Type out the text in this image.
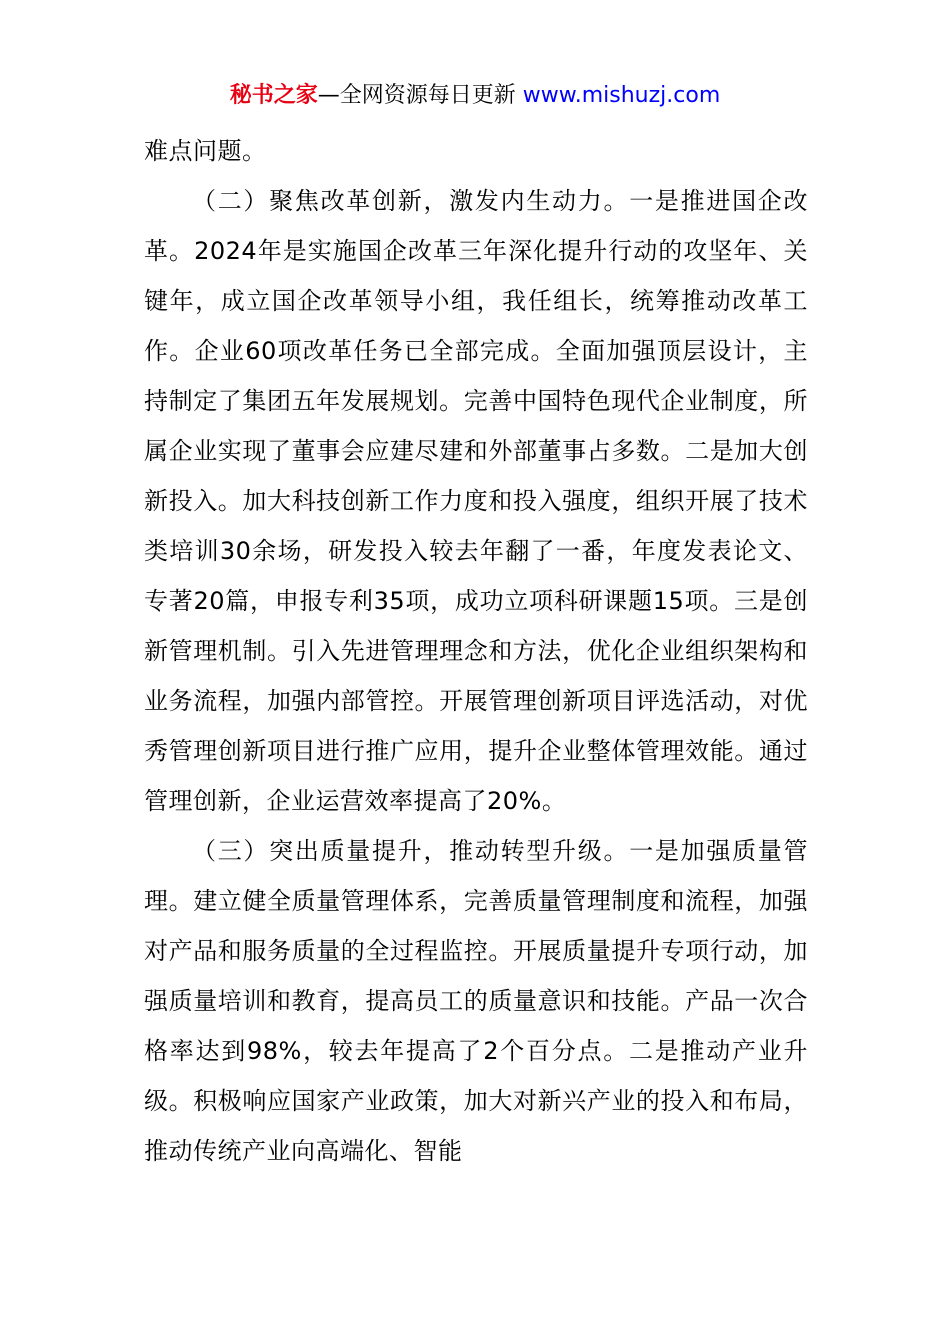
秘书之家—全网资源每日更新 www.mishuzj.com

难点问题。

（二）聚焦改革创新，激发内生动力。一是推进国企改革。2024年是实施国企改革三年深化提升行动的攻坚年、关键年，成立国企改革领导小组，我任组长，统筹推动改革工作。企业60项改革任务已全部完成。全面加强顶层设计，主持制定了集团五年发展规划。完善中国特色现代企业制度，所属企业实现了董事会应建尽建和外部董事占多数。二是加大创新投入。加大科技创新工作力度和投入强度，组织开展了技术类培训30余场，研发投入较去年翻了一番，年度发表论文、专著20篇，申报专利35项，成功立项科研课题15项。三是创新管理机制。引入先进管理理念和方法，优化企业组织架构和业务流程，加强内部管控。开展管理创新项目评选活动，对优秀管理创新项目进行推广应用，提升企业整体管理效能。通过管理创新，企业运营效率提高了20%。

（三）突出质量提升，推动转型升级。一是加强质量管理。建立健全质量管理体系，完善质量管理制度和流程，加强对产品和服务质量的全过程监控。开展质量提升专项行动，加强质量培训和教育，提高员工的质量意识和技能。产品一次合格率达到98%，较去年提高了2个百分点。二是推动产业升级。积极响应国家产业政策，加大对新兴产业的投入和布局，推动传统产业向高端化、智能
